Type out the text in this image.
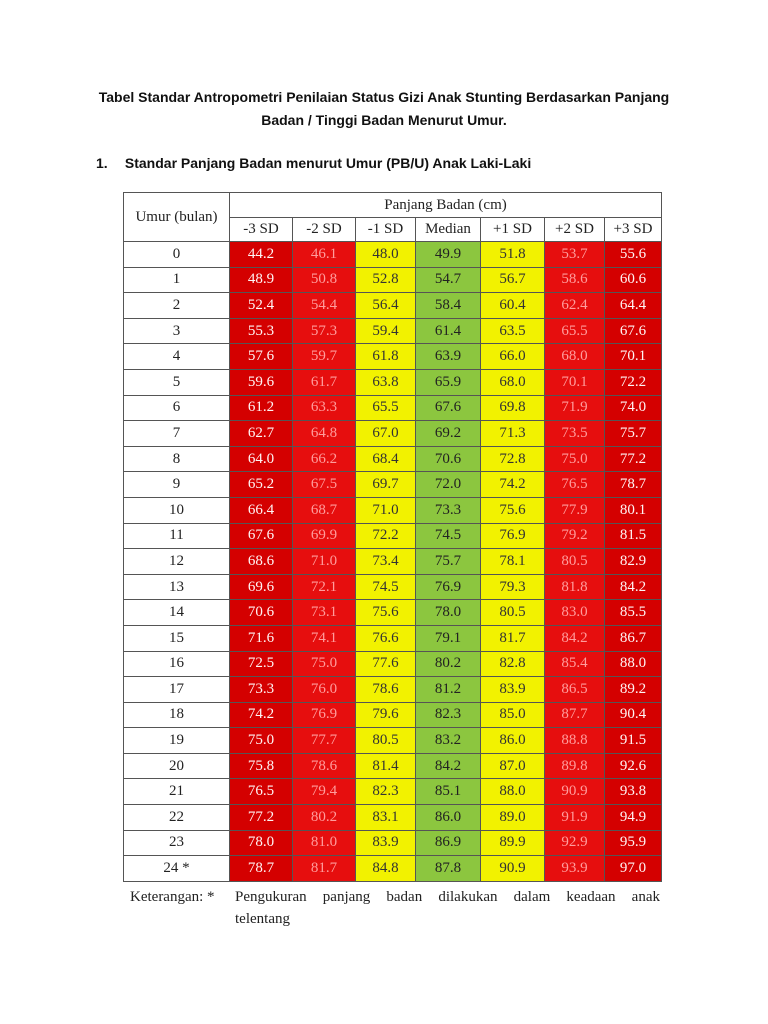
Tabel Standar Antropometri Penilaian Status Gizi Anak Stunting Berdasarkan Panjang
Badan / Tinggi Badan Menurut Umur.
1. Standar Panjang Badan menurut Umur (PB/U) Anak Laki-Laki
Umur (bulan)	Panjang Badan (cm)						
	-3 SD	-2 SD	-1 SD	Median	+1 SD	+2 SD	+3 SD
0	44.2	46.1	48.0	49.9	51.8	53.7	55.6
1	48.9	50.8	52.8	54.7	56.7	58.6	60.6
2	52.4	54.4	56.4	58.4	60.4	62.4	64.4
3	55.3	57.3	59.4	61.4	63.5	65.5	67.6
4	57.6	59.7	61.8	63.9	66.0	68.0	70.1
5	59.6	61.7	63.8	65.9	68.0	70.1	72.2
6	61.2	63.3	65.5	67.6	69.8	71.9	74.0
7	62.7	64.8	67.0	69.2	71.3	73.5	75.7
8	64.0	66.2	68.4	70.6	72.8	75.0	77.2
9	65.2	67.5	69.7	72.0	74.2	76.5	78.7
10	66.4	68.7	71.0	73.3	75.6	77.9	80.1
11	67.6	69.9	72.2	74.5	76.9	79.2	81.5
12	68.6	71.0	73.4	75.7	78.1	80.5	82.9
13	69.6	72.1	74.5	76.9	79.3	81.8	84.2
14	70.6	73.1	75.6	78.0	80.5	83.0	85.5
15	71.6	74.1	76.6	79.1	81.7	84.2	86.7
16	72.5	75.0	77.6	80.2	82.8	85.4	88.0
17	73.3	76.0	78.6	81.2	83.9	86.5	89.2
18	74.2	76.9	79.6	82.3	85.0	87.7	90.4
19	75.0	77.7	80.5	83.2	86.0	88.8	91.5
20	75.8	78.6	81.4	84.2	87.0	89.8	92.6
21	76.5	79.4	82.3	85.1	88.0	90.9	93.8
22	77.2	80.2	83.1	86.0	89.0	91.9	94.9
23	78.0	81.0	83.9	86.9	89.9	92.9	95.9
24 *	78.7	81.7	84.8	87.8	90.9	93.9	97.0
Keterangan: * Pengukuran panjang badan dilakukan dalam keadaan anak
telentang
